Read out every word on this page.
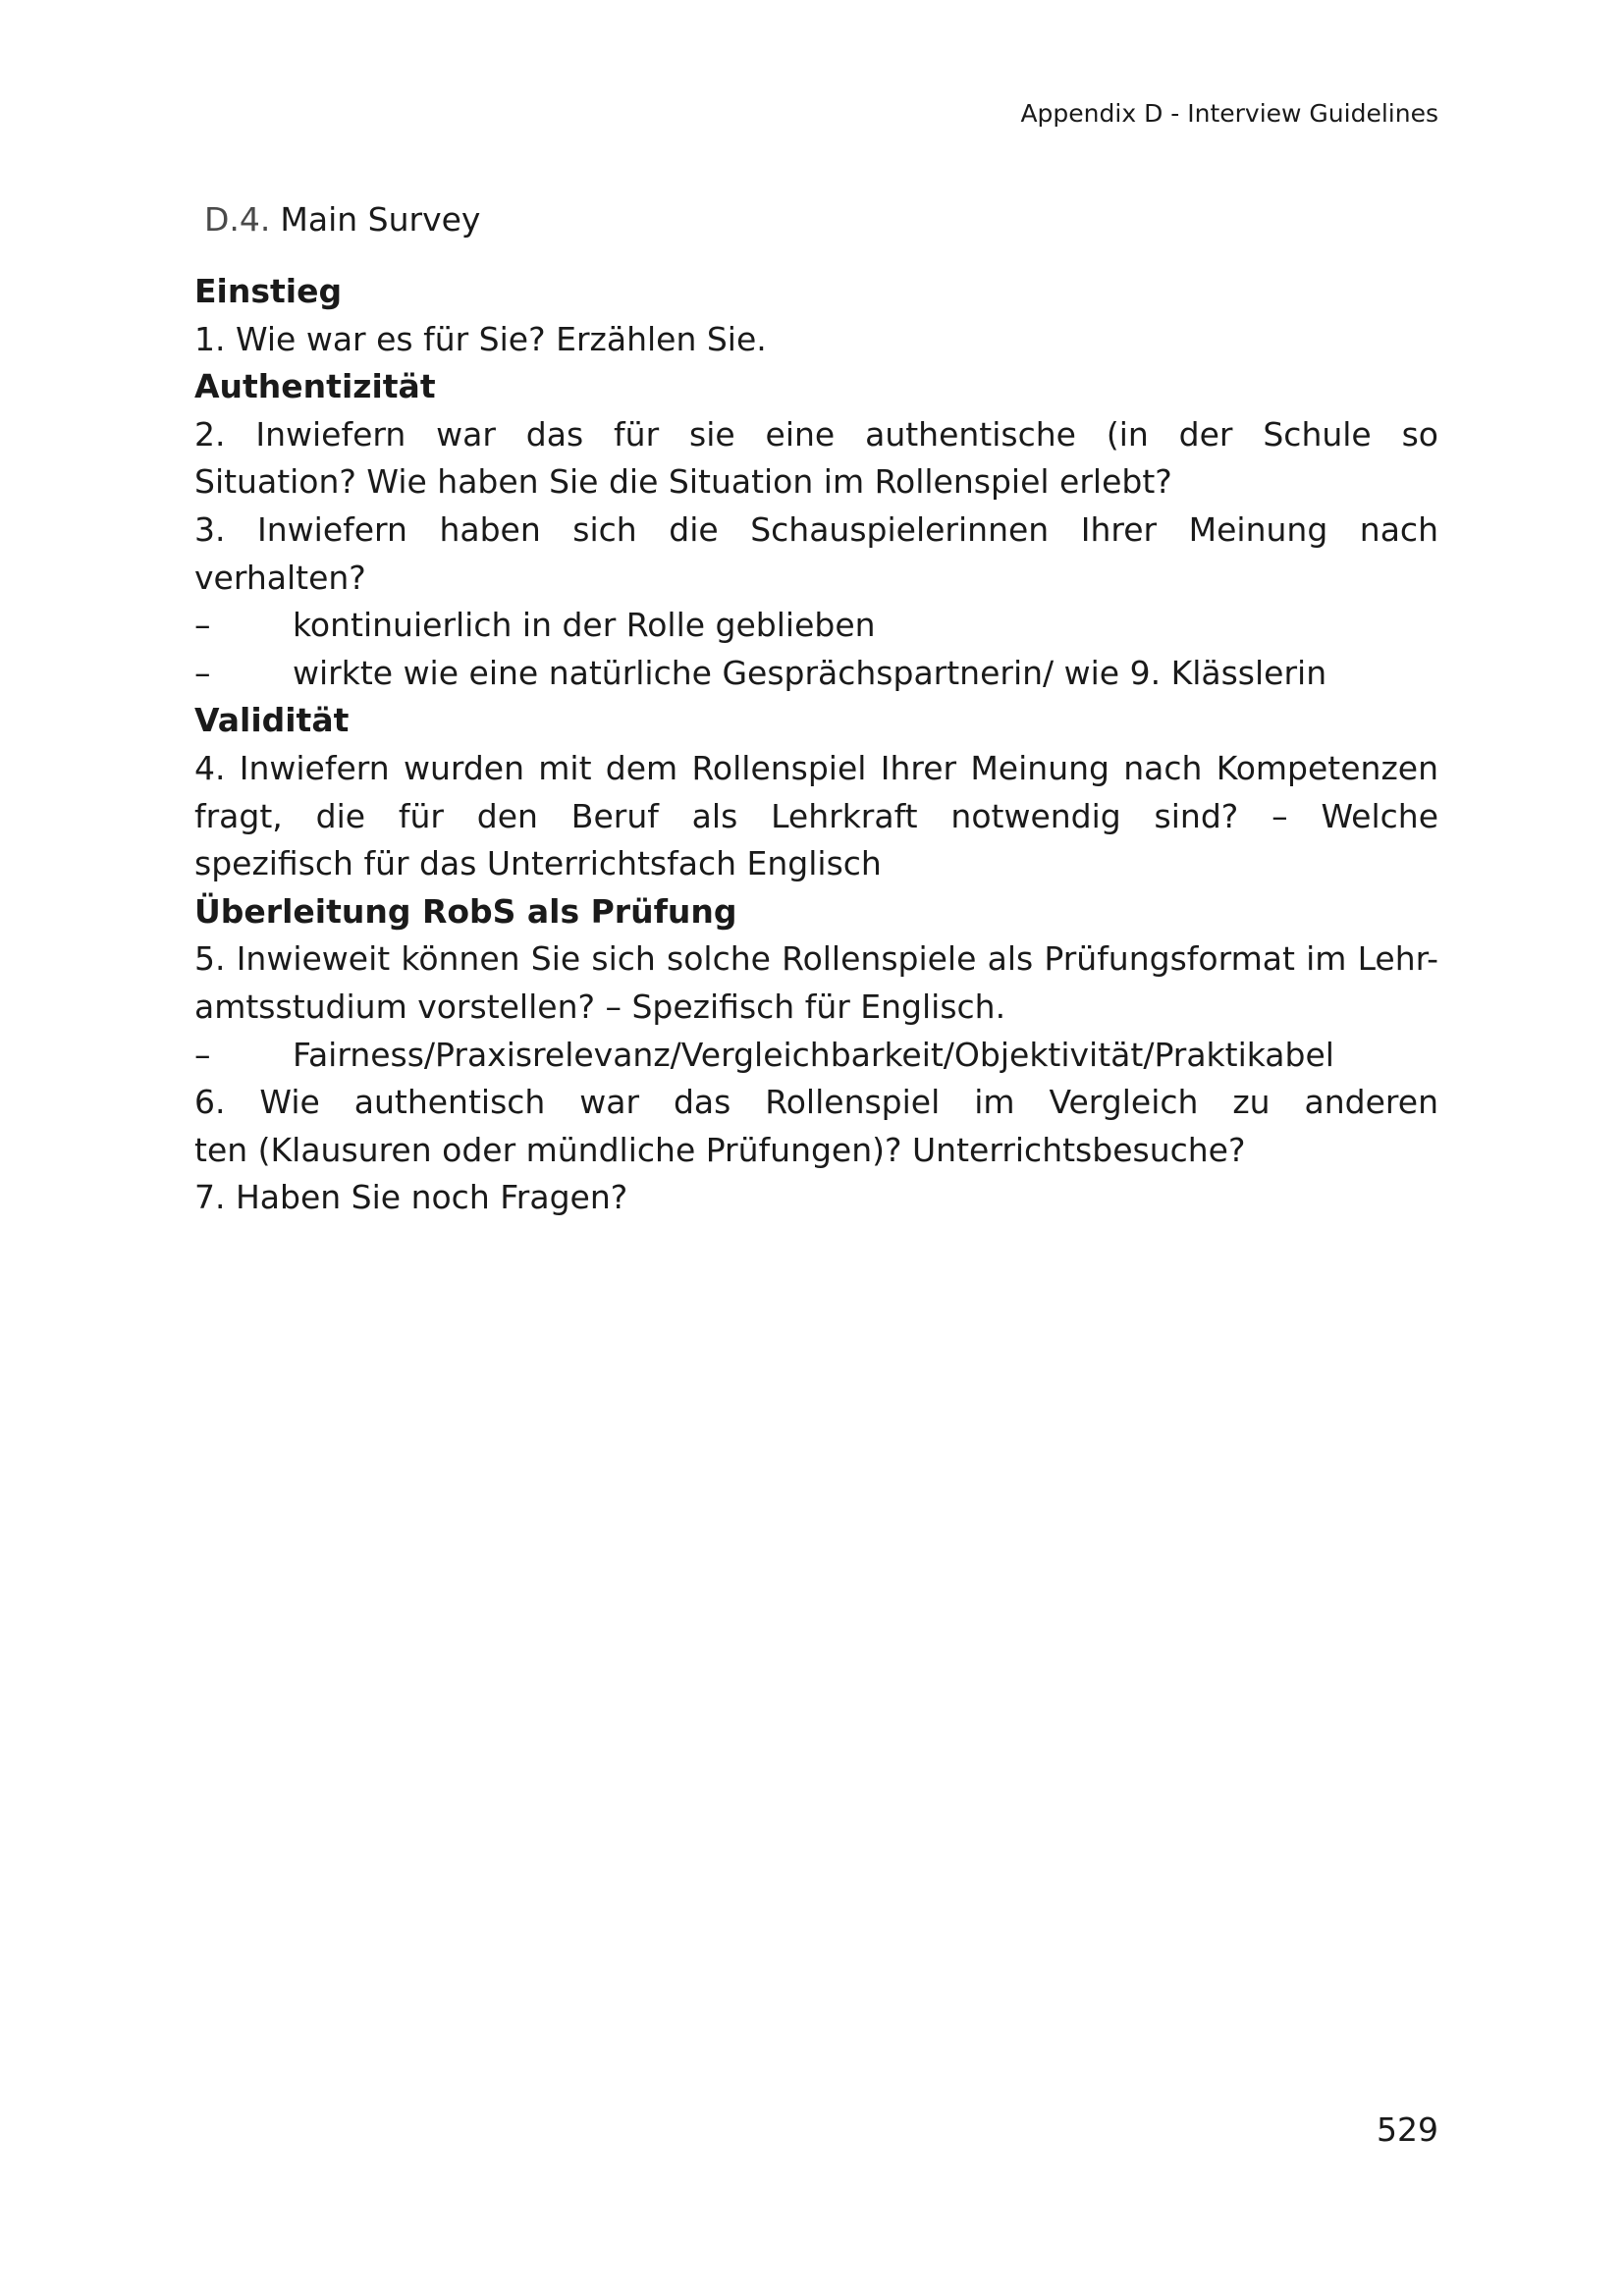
Appendix D - Interview Guidelines
D.4. Main Survey
Einstieg
1. Wie war es für Sie? Erzählen Sie.
Authentizität
2. Inwiefern war das für sie eine authentische (in der Schule so
Situation? Wie haben Sie die Situation im Rollenspiel erlebt?
3. Inwiefern haben sich die Schauspielerinnen Ihrer Meinung nach
verhalten?
–	kontinuierlich in der Rolle geblieben
–	wirkte wie eine natürliche Gesprächspartnerin/ wie 9. Klässlerin
Validität
4. Inwiefern wurden mit dem Rollenspiel Ihrer Meinung nach Kompetenzen
fragt, die für den Beruf als Lehrkraft notwendig sind? – Welche
spezifisch für das Unterrichtsfach Englisch
Überleitung RobS als Prüfung
5. Inwieweit können Sie sich solche Rollenspiele als Prüfungsformat im Lehr-
amtsstudium vorstellen? – Spezifisch für Englisch.
–	Fairness/Praxisrelevanz/Vergleichbarkeit/Objektivität/Praktikabel
6. Wie authentisch war das Rollenspiel im Vergleich zu anderen
ten (Klausuren oder mündliche Prüfungen)? Unterrichtsbesuche?
7. Haben Sie noch Fragen?
529
